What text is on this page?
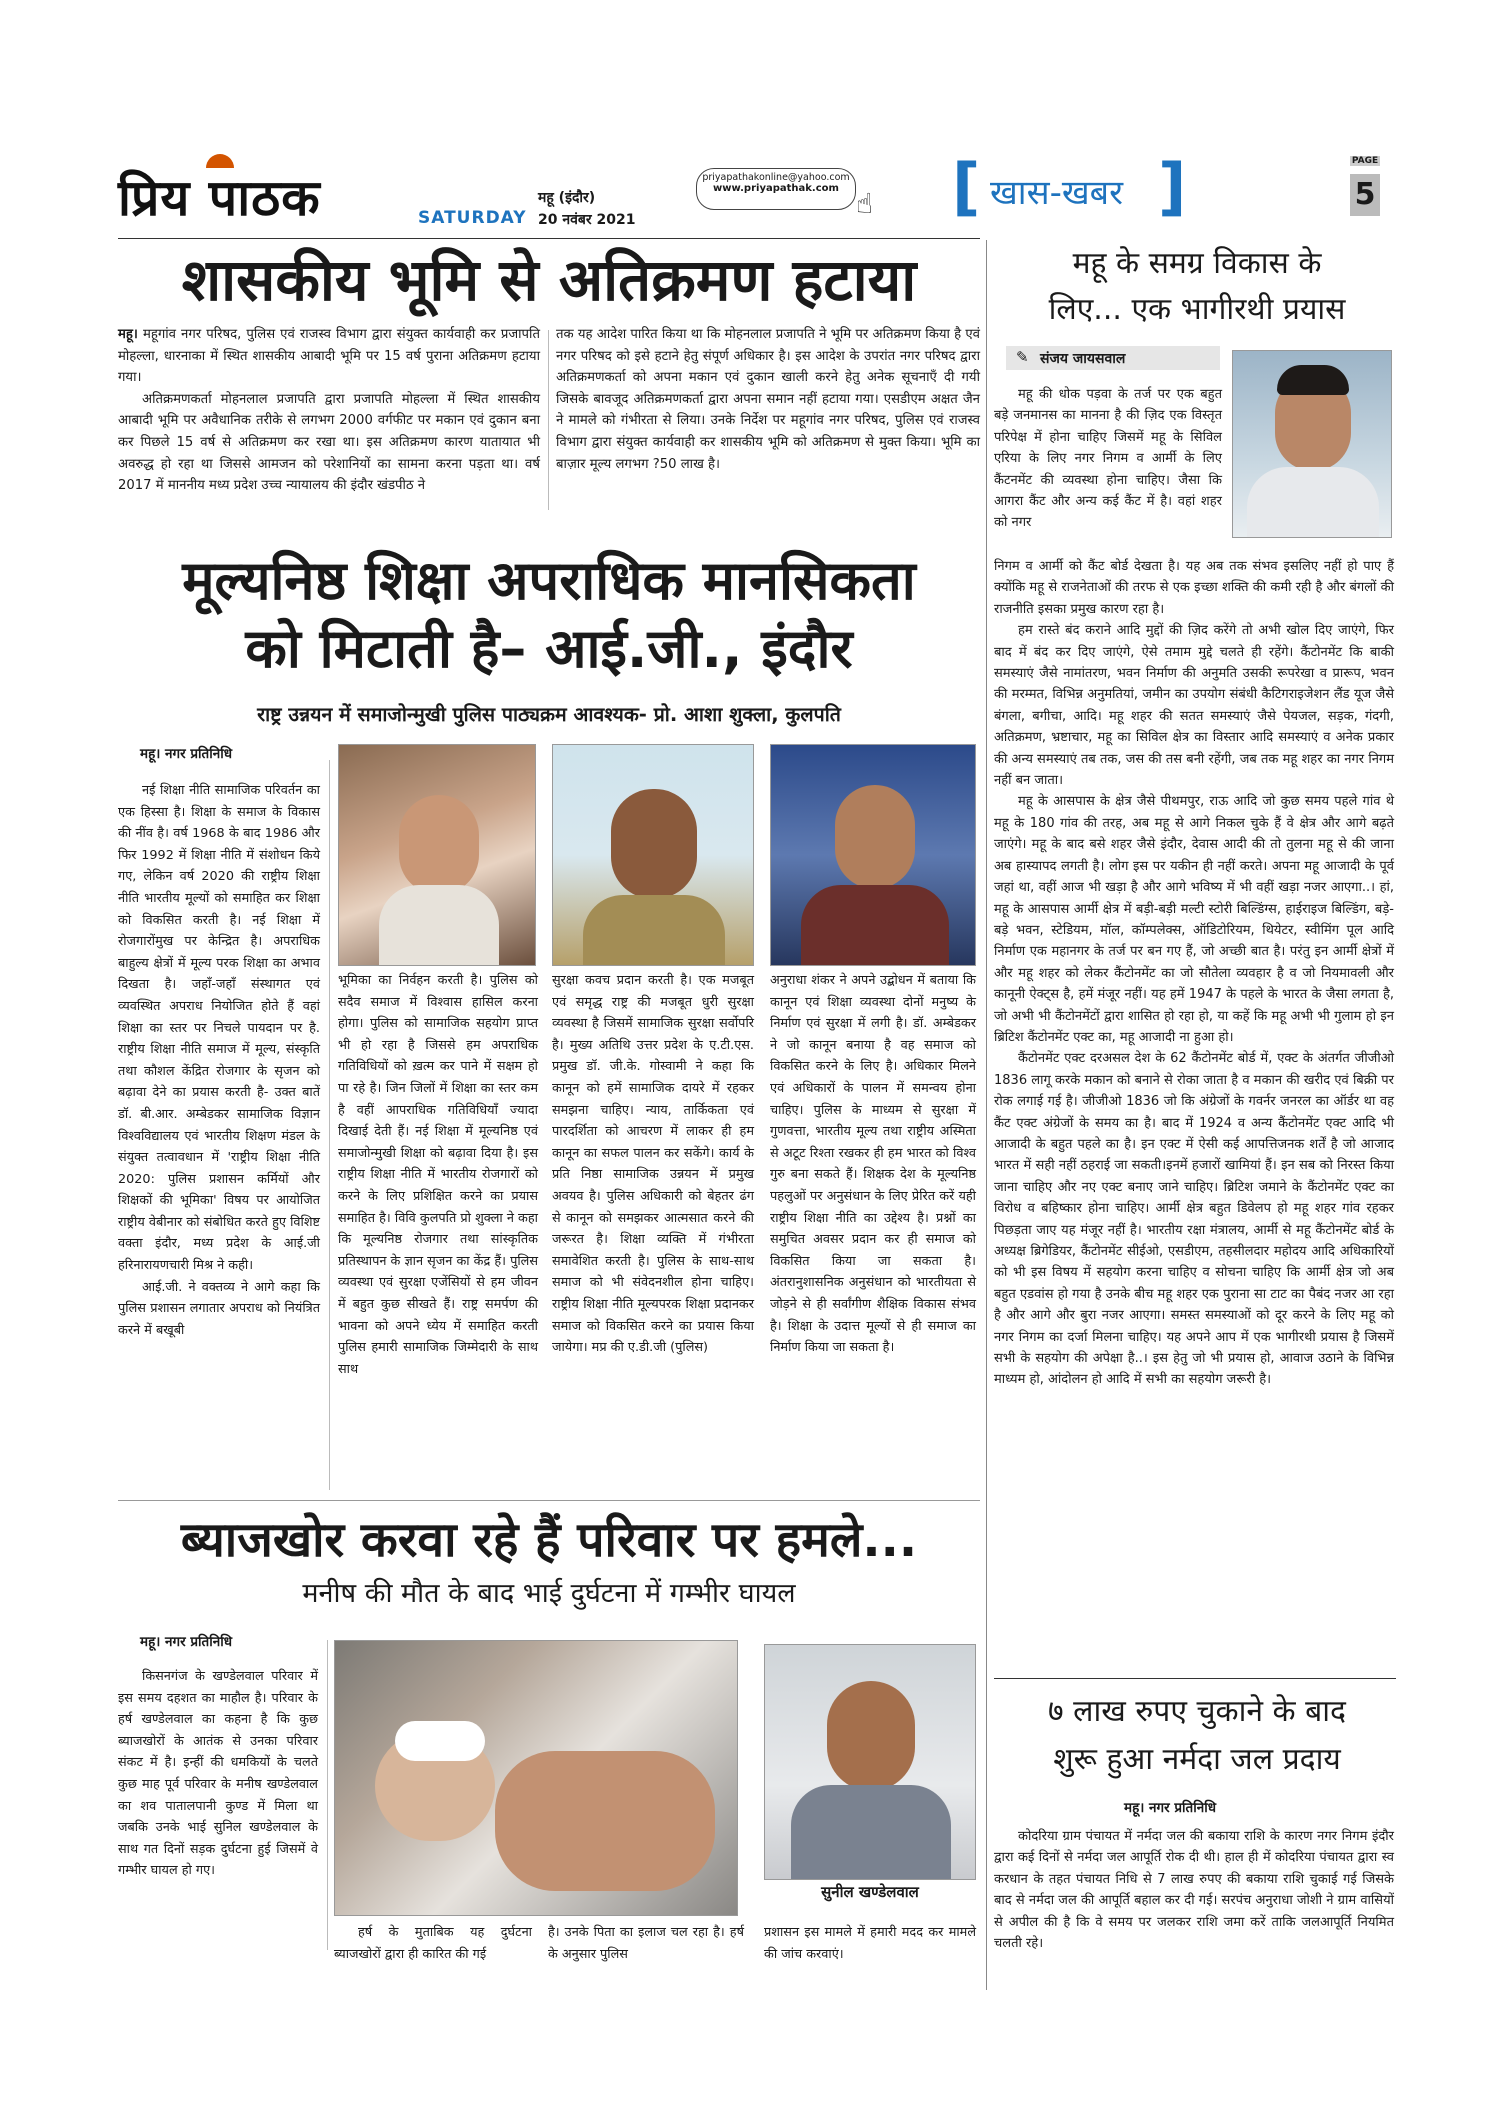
प्रिय पाठक	SATURDAY
महू (इंदौर)
20 नवंबर 2021
priyapathakonline@yahoo.com
www.priyapathak.com ☝ [ खास-खबर ]	PAGE
5
शासकीय भूमि से अतिक्रमण हटाया

महू। महूगांव नगर परिषद, पुलिस एवं राजस्व विभाग द्वारा संयुक्त कार्यवाही कर प्रजापति मोहल्ला, धारनाका में स्थित शासकीय आबादी भूमि पर 15 वर्ष पुराना अतिक्रमण हटाया गया।

अतिक्रमणकर्ता मोहनलाल प्रजापति द्वारा प्रजापति मोहल्ला में स्थित शासकीय आबादी भूमि पर अवैधानिक तरीके से लगभग 2000 वर्गफीट पर मकान एवं दुकान बना कर पिछले 15 वर्ष से अतिक्रमण कर रखा था। इस अतिक्रमण कारण यातायात भी अवरुद्ध हो रहा था जिससे आमजन को परेशानियों का सामना करना पड़ता था। वर्ष 2017 में माननीय मध्य प्रदेश उच्च न्यायालय की इंदौर खंडपीठ ने

तक यह आदेश पारित किया था कि मोहनलाल प्रजापति ने भूमि पर अतिक्रमण किया है एवं नगर परिषद को इसे हटाने हेतु संपूर्ण अधिकार है। इस आदेश के उपरांत नगर परिषद द्वारा अतिक्रमणकर्ता को अपना मकान एवं दुकान खाली करने हेतु अनेक सूचनाएँ दी गयी जिसके बावजूद अतिक्रमणकर्ता द्वारा अपना समान नहीं हटाया गया। एसडीएम अक्षत जैन ने मामले को गंभीरता से लिया। उनके निर्देश पर महूगांव नगर परिषद, पुलिस एवं राजस्व विभाग द्वारा संयुक्त कार्यवाही कर शासकीय भूमि को अतिक्रमण से मुक्त किया। भूमि का बाज़ार मूल्य लगभग ?50 लाख है।

मूल्यनिष्ठ शिक्षा अपराधिक मानसिकता
को मिटाती है– आई.जी., इंदौर
राष्ट्र उन्नयन में समाजोन्मुखी पुलिस पाठ्यक्रम आवश्यक- प्रो. आशा शुक्ला, कुलपति
महू। नगर प्रतिनिधि

नई शिक्षा नीति सामाजिक परिवर्तन का एक हिस्सा है। शिक्षा के समाज के विकास की नींव है। वर्ष 1968 के बाद 1986 और फिर 1992 में शिक्षा नीति में संशोधन किये गए, लेकिन वर्ष 2020 की राष्ट्रीय शिक्षा नीति भारतीय मूल्यों को समाहित कर शिक्षा को विकसित करती है। नई शिक्षा में रोजगारोंमुख पर केन्द्रित है। अपराधिक बाहुल्य क्षेत्रों में मूल्य परक शिक्षा का अभाव दिखता है। जहाँ-जहाँ संस्थागत एवं व्यवस्थित अपराध नियोजित होते हैं वहां शिक्षा का स्तर पर निचले पायदान पर है. राष्ट्रीय शिक्षा नीति समाज में मूल्य, संस्कृति तथा कौशल केंद्रित रोजगार के सृजन को बढ़ावा देने का प्रयास करती है- उक्त बातें डॉ. बी.आर. अम्बेडकर सामाजिक विज्ञान विश्वविद्यालय एवं भारतीय शिक्षण मंडल के संयुक्त तत्वावधान में 'राष्ट्रीय शिक्षा नीति 2020: पुलिस प्रशासन कर्मियों और शिक्षकों की भूमिका' विषय पर आयोजित राष्ट्रीय वेबीनार को संबोधित करते हुए विशिष्ट वक्ता इंदौर, मध्य प्रदेश के आई.जी हरिनारायणचारी मिश्र ने कही।

आई.जी. ने वक्तव्य ने आगे कहा कि पुलिस प्रशासन लगातार अपराध को नियंत्रित करने में बखूबी

भूमिका का निर्वहन करती है। पुलिस को सदैव समाज में विश्वास हासिल करना होगा। पुलिस को सामाजिक सहयोग प्राप्त भी हो रहा है जिससे हम अपराधिक गतिविधियों को ख़त्म कर पाने में सक्षम हो पा रहे है। जिन जिलों में शिक्षा का स्तर कम है वहीं आपराधिक गतिविधियाँ ज्यादा दिखाई देती हैं। नई शिक्षा में मूल्यनिष्ठ एवं समाजोन्मुखी शिक्षा को बढ़ावा दिया है। इस राष्ट्रीय शिक्षा नीति में भारतीय रोजगारों को करने के लिए प्रशिक्षित करने का प्रयास समाहित है। विवि कुलपति प्रो शुक्ला ने कहा कि मूल्यनिष्ठ रोजगार तथा सांस्कृतिक प्रतिस्थापन के ज्ञान सृजन का केंद्र हैं। पुलिस व्यवस्था एवं सुरक्षा एजेंसियों से हम जीवन में बहुत कुछ सीखते हैं। राष्ट्र समर्पण की भावना को अपने ध्येय में समाहित करती पुलिस हमारी सामाजिक जिम्मेदारी के साथ साथ

सुरक्षा कवच प्रदान करती है। एक मजबूत एवं समृद्ध राष्ट्र की मजबूत धुरी सुरक्षा व्यवस्था है जिसमें सामाजिक सुरक्षा सर्वोपरि है। मुख्य अतिथि उत्तर प्रदेश के ए.टी.एस. प्रमुख डॉ. जी.के. गोस्वामी ने कहा कि कानून को हमें सामाजिक दायरे में रहकर समझना चाहिए। न्याय, तार्किकता एवं पारदर्शिता को आचरण में लाकर ही हम कानून का सफल पालन कर सकेंगे। कार्य के प्रति निष्ठा सामाजिक उन्नयन में प्रमुख अवयव है। पुलिस अधिकारी को बेहतर ढंग से कानून को समझकर आत्मसात करने की जरूरत है। शिक्षा व्यक्ति में गंभीरता समावेशित करती है। पुलिस के साथ-साथ समाज को भी संवेदनशील होना चाहिए। राष्ट्रीय शिक्षा नीति मूल्यपरक शिक्षा प्रदानकर समाज को विकसित करने का प्रयास किया जायेगा। मप्र की ए.डी.जी (पुलिस)

अनुराधा शंकर ने अपने उद्बोधन में बताया कि कानून एवं शिक्षा व्यवस्था दोनों मनुष्य के निर्माण एवं सुरक्षा में लगी है। डॉ. अम्बेडकर ने जो कानून बनाया है वह समाज को विकसित करने के लिए है। अधिकार मिलने एवं अधिकारों के पालन में समन्वय होना चाहिए। पुलिस के माध्यम से सुरक्षा में गुणवत्ता, भारतीय मूल्य तथा राष्ट्रीय अस्मिता से अटूट रिश्ता रखकर ही हम भारत को विश्व गुरु बना सकते हैं। शिक्षक देश के मूल्यनिष्ठ पहलुओं पर अनुसंधान के लिए प्रेरित करें यही राष्ट्रीय शिक्षा नीति का उद्देश्य है। प्रश्नों का समुचित अवसर प्रदान कर ही समाज को विकसित किया जा सकता है। अंतरानुशासनिक अनुसंधान को भारतीयता से जोड़ने से ही सर्वांगीण शैक्षिक विकास संभव है। शिक्षा के उदात्त मूल्यों से ही समाज का निर्माण किया जा सकता है।

ब्याजखोर करवा रहे हैं परिवार पर हमले...
मनीष की मौत के बाद भाई दुर्घटना में गम्भीर घायल
महू। नगर प्रतिनिधि

किसनगंज के खण्डेलवाल परिवार में इस समय दहशत का माहौल है। परिवार के हर्ष खण्डेलवाल का कहना है कि कुछ ब्याजखोरों के आतंक से उनका परिवार संकट में है। इन्हीं की धमकियों के चलते कुछ माह पूर्व परिवार के मनीष खण्डेलवाल का शव पातालपानी कुण्ड में मिला था जबकि उनके भाई सुनिल खण्डेलवाल के साथ गत दिनों सड़क दुर्घटना हुई जिसमें वे गम्भीर घायल हो गए।

सुनील खण्डेलवाल

हर्ष के मुताबिक यह दुर्घटना ब्याजखोरों द्वारा ही कारित की गई

है। उनके पिता का इलाज चल रहा है। हर्ष के अनुसार पुलिस

प्रशासन इस मामले में हमारी मदद कर मामले की जांच करवाएं।

महू के समग्र विकास के
लिए... एक भागीरथी प्रयास
✎ संजय जायसवाल

महू की धोक पड़वा के तर्ज पर एक बहुत बड़े जनमानस का मानना है की ज़िद एक विस्तृत परिपेक्ष में होना चाहिए जिसमें महू के सिविल एरिया के लिए नगर निगम व आर्मी के लिए कैंटनमेंट की व्यवस्था होना चाहिए। जैसा कि आगरा कैंट और अन्य कई कैंट में है। वहां शहर को नगर

निगम व आर्मी को कैंट बोर्ड देखता है। यह अब तक संभव इसलिए नहीं हो पाए हैं क्योंकि महू से राजनेताओं की तरफ से एक इच्छा शक्ति की कमी रही है और बंगलों की राजनीति इसका प्रमुख कारण रहा है।

हम रास्ते बंद कराने आदि मुद्दों की ज़िद करेंगे तो अभी खोल दिए जाएंगे, फिर बाद में बंद कर दिए जाएंगे, ऐसे तमाम मुद्दे चलते ही रहेंगे। कैंटोनमेंट कि बाकी समस्याएं जैसे नामांतरण, भवन निर्माण की अनुमति उसकी रूपरेखा व प्रारूप, भवन की मरम्मत, विभिन्न अनुमतियां, जमीन का उपयोग संबंधी कैटिगराइजेशन लैंड यूज जैसे बंगला, बगीचा, आदि। महू शहर की सतत समस्याएं जैसे पेयजल, सड़क, गंदगी, अतिक्रमण, भ्रष्टाचार, महू का सिविल क्षेत्र का विस्तार आदि समस्याएं व अनेक प्रकार की अन्य समस्याएं तब तक, जस की तस बनी रहेंगी, जब तक महू शहर का नगर निगम नहीं बन जाता।

महू के आसपास के क्षेत्र जैसे पीथमपुर, राऊ आदि जो कुछ समय पहले गांव थे महू के 180 गांव की तरह, अब महू से आगे निकल चुके हैं वे क्षेत्र और आगे बढ़ते जाएंगे। महू के बाद बसे शहर जैसे इंदौर, देवास आदी की तो तुलना महू से की जाना अब हास्यापद लगती है। लोग इस पर यकीन ही नहीं करते। अपना महू आजादी के पूर्व जहां था, वहीं आज भी खड़ा है और आगे भविष्य में भी वहीं खड़ा नजर आएगा..। हां, महू के आसपास आर्मी क्षेत्र में बड़ी-बड़ी मल्टी स्टोरी बिल्डिंग्स, हाईराइज बिल्डिंग, बड़े-बड़े भवन, स्टेडियम, मॉल, कॉम्पलेक्स, ऑडिटोरियम, थियेटर, स्वीमिंग पूल आदि निर्माण एक महानगर के तर्ज पर बन गए हैं, जो अच्छी बात है। परंतु इन आर्मी क्षेत्रों में और महू शहर को लेकर कैंटोनमेंट का जो सौतेला व्यवहार है व जो नियमावली और कानूनी ऐक्ट्स है, हमें मंजूर नहीं। यह हमें 1947 के पहले के भारत के जैसा लगता है, जो अभी भी कैंटोनमेंटों द्वारा शासित हो रहा हो, या कहें कि महू अभी भी गुलाम हो इन ब्रिटिश कैंटोनमेंट एक्ट का, महू आजादी ना हुआ हो।

कैंटोनमेंट एक्ट दरअसल देश के 62 कैंटोनमेंट बोर्ड में, एक्ट के अंतर्गत जीजीओ 1836 लागू करके मकान को बनाने से रोका जाता है व मकान की खरीद एवं बिक्री पर रोक लगाई गई है। जीजीओ 1836 जो कि अंग्रेजों के गवर्नर जनरल का ऑर्डर था वह कैंट एक्ट अंग्रेजों के समय का है। बाद में 1924 व अन्य कैंटोनमेंट एक्ट आदि भी आजादी के बहुत पहले का है। इन एक्ट में ऐसी कई आपत्तिजनक शर्तें है जो आजाद भारत में सही नहीं ठहराई जा सकती।इनमें हजारों खामियां हैं। इन सब को निरस्त किया जाना चाहिए और नए एक्ट बनाए जाने चाहिए। ब्रिटिश जमाने के कैंटोनमेंट एक्ट का विरोध व बहिष्कार होना चाहिए। आर्मी क्षेत्र बहुत डिवेलप हो महू शहर गांव रहकर पिछड़ता जाए यह मंजूर नहीं है। भारतीय रक्षा मंत्रालय, आर्मी से महू कैंटोनमेंट बोर्ड के अध्यक्ष ब्रिगेडियर, कैंटोनमेंट सीईओ, एसडीएम, तहसीलदार महोदय आदि अधिकारियों को भी इस विषय में सहयोग करना चाहिए व सोचना चाहिए कि आर्मी क्षेत्र जो अब बहुत एडवांस हो गया है उनके बीच महू शहर एक पुराना सा टाट का पैबंद नजर आ रहा है और आगे और बुरा नजर आएगा। समस्त समस्याओं को दूर करने के लिए महू को नगर निगम का दर्जा मिलना चाहिए। यह अपने आप में एक भागीरथी प्रयास है जिसमें सभी के सहयोग की अपेक्षा है..। इस हेतु जो भी प्रयास हो, आवाज उठाने के विभिन्न माध्यम हो, आंदोलन हो आदि में सभी का सहयोग जरूरी है।

७ लाख रुपए चुकाने के बाद
शुरू हुआ नर्मदा जल प्रदाय
महू। नगर प्रतिनिधि

कोदरिया ग्राम पंचायत में नर्मदा जल की बकाया राशि के कारण नगर निगम इंदौर द्वारा कई दिनों से नर्मदा जल आपूर्ति रोक दी थी। हाल ही में कोदरिया पंचायत द्वारा स्व करधान के तहत पंचायत निधि से 7 लाख रुपए की बकाया राशि चुकाई गई जिसके बाद से नर्मदा जल की आपूर्ति बहाल कर दी गई। सरपंच अनुराधा जोशी ने ग्राम वासियों से अपील की है कि वे समय पर जलकर राशि जमा करें ताकि जलआपूर्ति नियमित चलती रहे।
